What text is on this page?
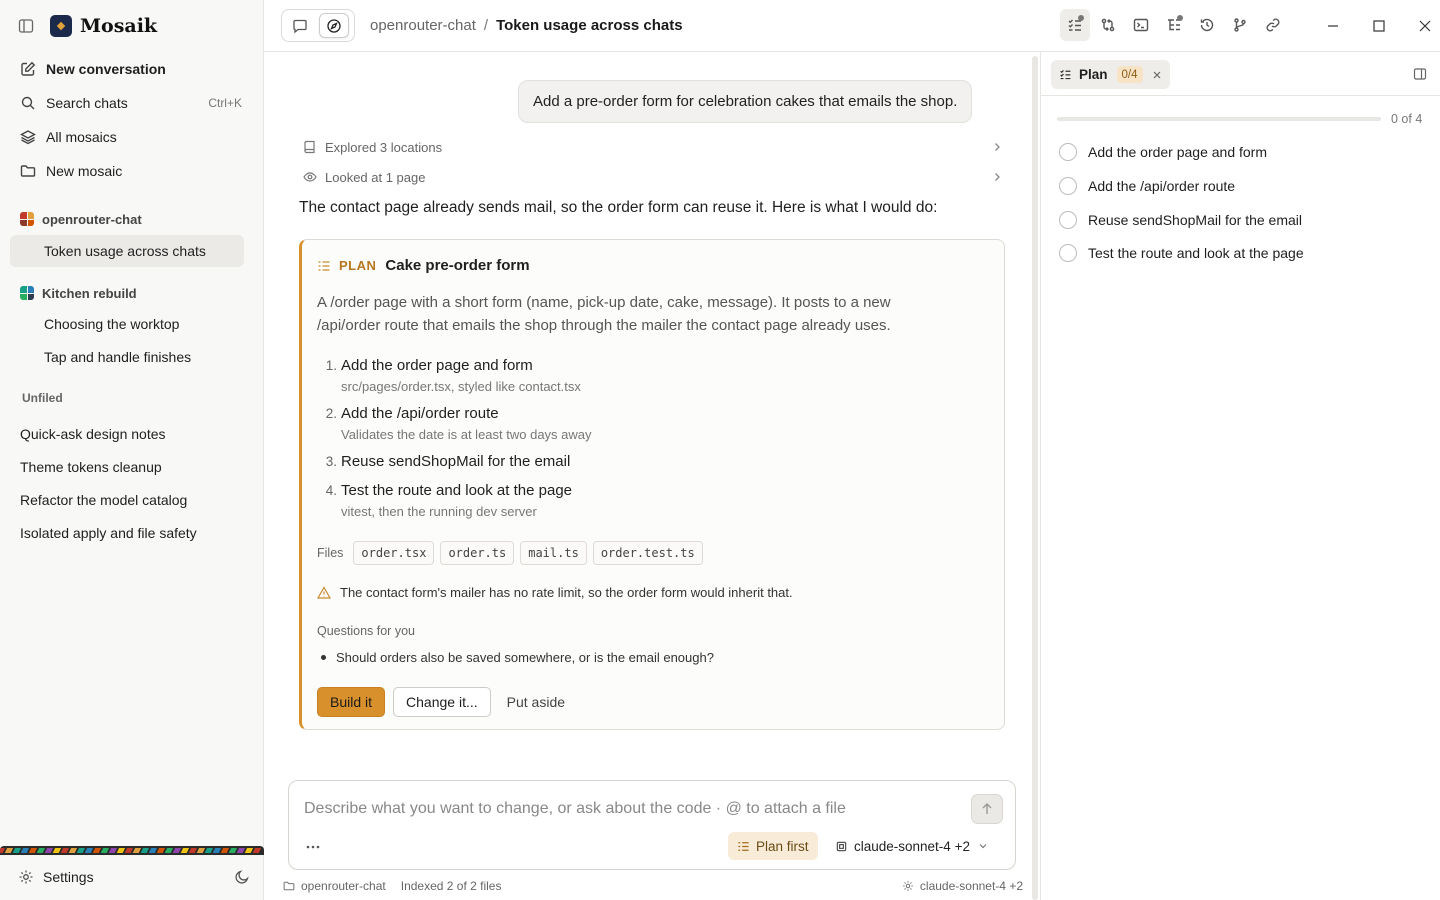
Mosaik
New conversation
Search chats	Ctrl+K
All mosaics
New mosaic
openrouter-chat
Token usage across chats
Kitchen rebuild
Choosing the worktop
Tap and handle finishes
Unfiled
Quick-ask design notes
Theme tokens cleanup
Refactor the model catalog
Isolated apply and file safety
Settings
openrouter-chat / Token usage across chats
Add a pre-order form for celebration cakes that emails the shop.
Explored 3 locations
Looked at 1 page

The contact page already sends mail, so the order form can reuse it. Here is what I would do:

PLAN Cake pre-order form

A /order page with a short form (name, pick-up date, cake, message). It posts to a new /api/order route that emails the shop through the mailer the contact page already uses.

1. Add the order page and form
src/pages/order.tsx, styled like contact.tsx
2. Add the /api/order route
Validates the date is at least two days away
3. Reuse sendShopMail for the email
4. Test the route and look at the page
vitest, then the running dev server
Files	order.tsx	order.ts	mail.ts	order.test.ts
The contact form's mailer has no rate limit, so the order form would inherit that.
Questions for you
Should orders also be saved somewhere, or is the email enough?
Build it	Change it...	Put aside
Describe what you want to change, or ask about the code · @ to attach a file
Plan first	claude-sonnet-4 +2
openrouter-chat Indexed 2 of 2 files	claude-sonnet-4 +2
Plan	0/4
0 of 4
Add the order page and form
Add the /api/order route
Reuse sendShopMail for the email
Test the route and look at the page
